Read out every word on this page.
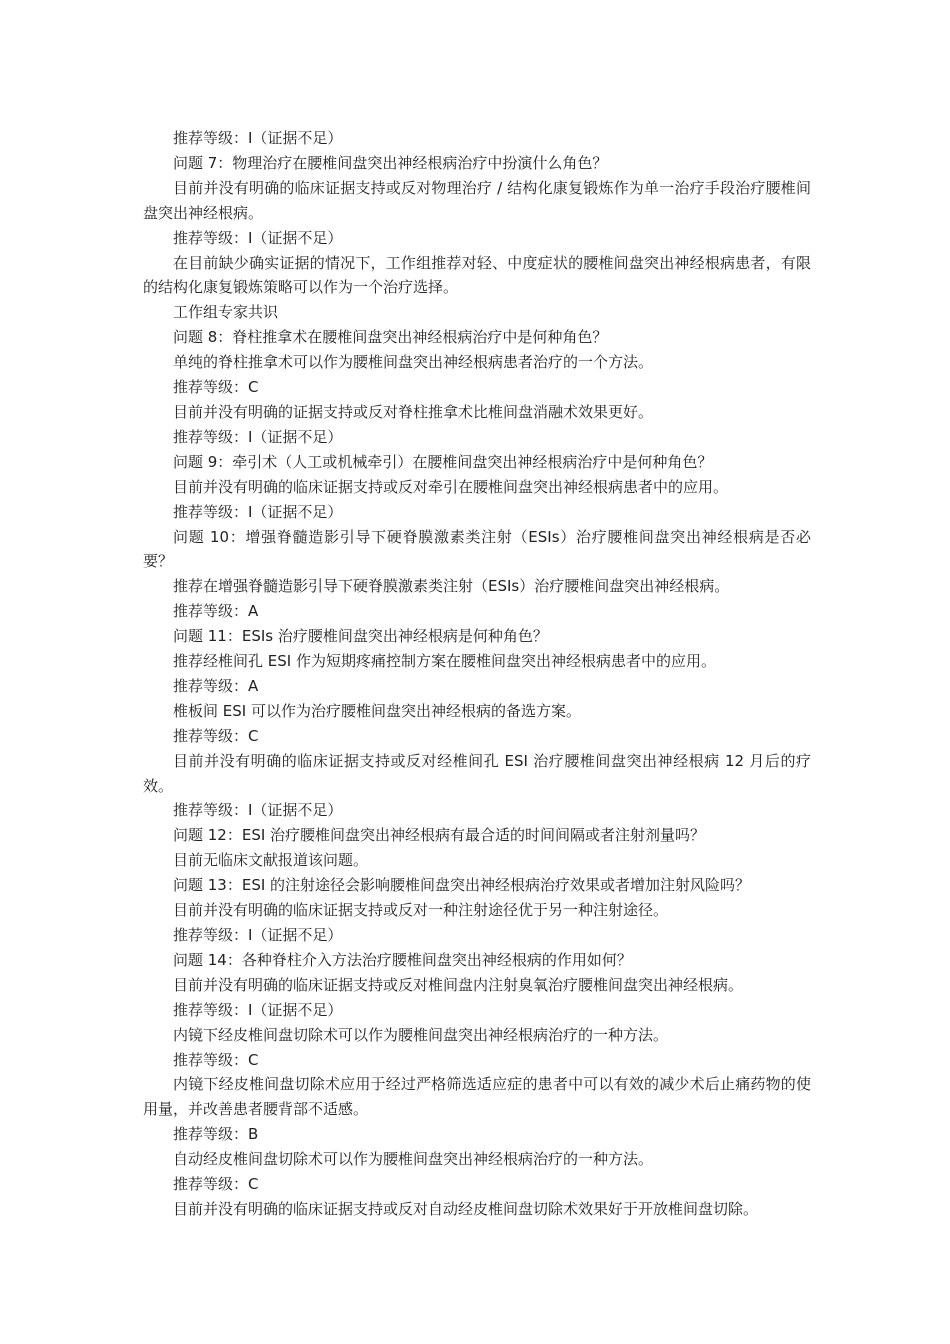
推荐等级：I（证据不足）

问题 7：物理治疗在腰椎间盘突出神经根病治疗中扮演什么角色？

目前并没有明确的临床证据支持或反对物理治疗 / 结构化康复锻炼作为单一治疗手段治疗腰椎间盘突出神经根病。

推荐等级：I（证据不足）

在目前缺少确实证据的情况下，工作组推荐对轻、中度症状的腰椎间盘突出神经根病患者，有限的结构化康复锻炼策略可以作为一个治疗选择。

工作组专家共识

问题 8：脊柱推拿术在腰椎间盘突出神经根病治疗中是何种角色？

单纯的脊柱推拿术可以作为腰椎间盘突出神经根病患者治疗的一个方法。

推荐等级：C

目前并没有明确的证据支持或反对脊柱推拿术比椎间盘消融术效果更好。

推荐等级：I（证据不足）

问题 9：牵引术（人工或机械牵引）在腰椎间盘突出神经根病治疗中是何种角色？

目前并没有明确的临床证据支持或反对牵引在腰椎间盘突出神经根病患者中的应用。

推荐等级：I（证据不足）

问题 10：增强脊髓造影引导下硬脊膜激素类注射（ESIs）治疗腰椎间盘突出神经根病是否必要？

推荐在增强脊髓造影引导下硬脊膜激素类注射（ESIs）治疗腰椎间盘突出神经根病。

推荐等级：A

问题 11：ESIs 治疗腰椎间盘突出神经根病是何种角色？

推荐经椎间孔 ESI 作为短期疼痛控制方案在腰椎间盘突出神经根病患者中的应用。

推荐等级：A

椎板间 ESI 可以作为治疗腰椎间盘突出神经根病的备选方案。

推荐等级：C

目前并没有明确的临床证据支持或反对经椎间孔 ESI 治疗腰椎间盘突出神经根病 12 月后的疗效。

推荐等级：I（证据不足）

问题 12：ESI 治疗腰椎间盘突出神经根病有最合适的时间间隔或者注射剂量吗？

目前无临床文献报道该问题。

问题 13：ESI 的注射途径会影响腰椎间盘突出神经根病治疗效果或者增加注射风险吗？

目前并没有明确的临床证据支持或反对一种注射途径优于另一种注射途径。

推荐等级：I（证据不足）

问题 14：各种脊柱介入方法治疗腰椎间盘突出神经根病的作用如何？

目前并没有明确的临床证据支持或反对椎间盘内注射臭氧治疗腰椎间盘突出神经根病。

推荐等级：I（证据不足）

内镜下经皮椎间盘切除术可以作为腰椎间盘突出神经根病治疗的一种方法。

推荐等级：C

内镜下经皮椎间盘切除术应用于经过严格筛选适应症的患者中可以有效的减少术后止痛药物的使用量，并改善患者腰背部不适感。

推荐等级：B

自动经皮椎间盘切除术可以作为腰椎间盘突出神经根病治疗的一种方法。

推荐等级：C

目前并没有明确的临床证据支持或反对自动经皮椎间盘切除术效果好于开放椎间盘切除。
